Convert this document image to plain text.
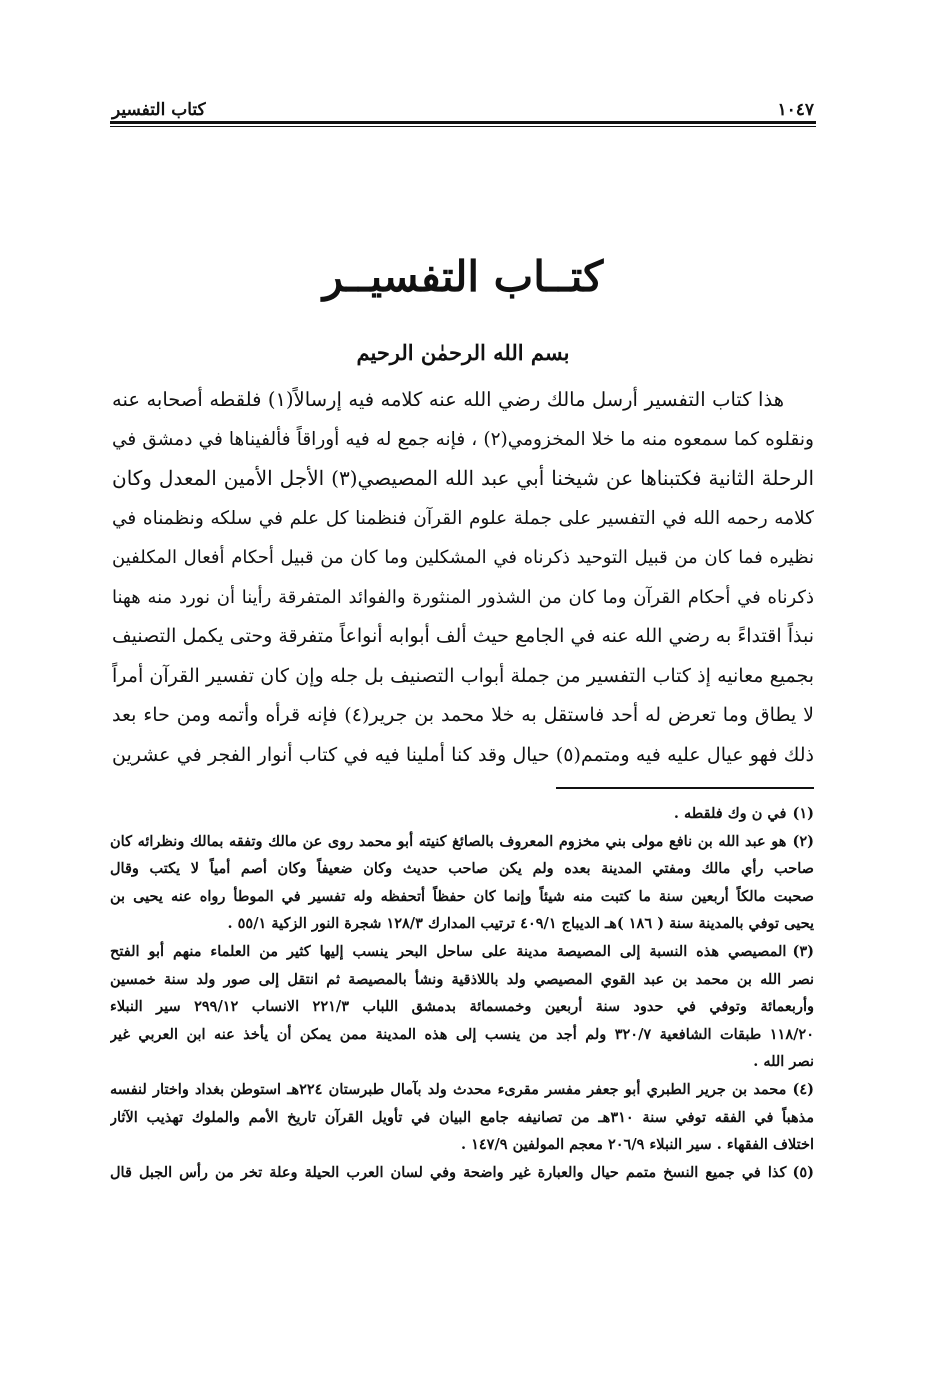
١٠٤٧
كتاب التفسير
كتــاب التفسيــر
بسم الله الرحمٰن الرحيم
هذا كتاب التفسير أرسل مالك رضي الله عنه كلامه فيه إرسالاً(١) فلقطه أصحابه عنه
ونقلوه كما سمعوه منه ما خلا المخزومي(٢) ، فإنه جمع له فيه أوراقاً فألفيناها في دمشق في
الرحلة الثانية فكتبناها عن شيخنا أبي عبد الله المصيصي(٣) الأجل الأمين المعدل وكان
كلامه رحمه الله في التفسير على جملة علوم القرآن فنظمنا كل علم في سلكه ونظمناه في
نظيره فما كان من قبيل التوحيد ذكرناه في المشكلين وما كان من قبيل أحكام أفعال المكلفين
ذكرناه في أحكام القرآن وما كان من الشذور المنثورة والفوائد المتفرقة رأينا أن نورد منه ههنا
نبذاً اقتداءً به رضي الله عنه في الجامع حيث ألف أبوابه أنواعاً متفرقة وحتى يكمل التصنيف
بجميع معانيه إذ كتاب التفسير من جملة أبواب التصنيف بل جله وإن كان تفسير القرآن أمراً
لا يطاق وما تعرض له أحد فاستقل به خلا محمد بن جرير(٤) فإنه قرأه وأتمه ومن حاء بعد
ذلك فهو عيال عليه فيه ومتمم(٥) حيال وقد كنا أملينا فيه في كتاب أنوار الفجر في عشرين
(١)في ن وك فلقطه .
(٢)هو عبد الله بن نافع مولى بني مخزوم المعروف بالصائغ كنيته أبو محمد روى عن مالك وتفقه بمالك ونظرائه كان
صاحب رأي مالك ومفتي المدينة بعده ولم يكن صاحب حديث وكان ضعيفاً وكان أصم أمياً لا يكتب وقال
صحبت مالكاً أربعين سنة ما كتبت منه شيئاً وإنما كان حفظاً أتحفظه وله تفسير في الموطأ رواه عنه يحيى بن
يحيى توفي بالمدينة سنة ( ١٨٦ )هـ الديباج ٤٠٩/١ ترتيب المدارك ١٢٨/٣ شجرة النور الزكية ٥٥/١ .
(٣)المصيصي هذه النسبة إلى المصيصة مدينة على ساحل البحر ينسب إليها كثير من العلماء منهم أبو الفتح
نصر الله بن محمد بن عبد القوي المصيصي ولد باللاذقية ونشأ بالمصيصة ثم انتقل إلى صور ولد سنة خمسين
وأربعمائة وتوفي في حدود سنة أربعين وخمسمائة بدمشق اللباب ٢٢١/٣ الانساب ٢٩٩/١٢ سير النبلاء
١١٨/٢٠ طبقات الشافعية ٣٢٠/٧ ولم أجد من ينسب إلى هذه المدينة ممن يمكن أن يأخذ عنه ابن العربي غير
نصر الله .
(٤)محمد بن جرير الطبري أبو جعفر مفسر مقرىء محدث ولد بآمال طبرستان ٢٢٤هـ استوطن بغداد واختار لنفسه
مذهباً في الفقه توفي سنة ٣١٠هـ من تصانيفه جامع البيان في تأويل القرآن تاريخ الأمم والملوك تهذيب الآثار
اختلاف الفقهاء . سير النبلاء ٢٠٦/٩ معجم المولفين ١٤٧/٩ .
(٥)كذا في جميع النسخ متمم حيال والعبارة غير واضحة وفي لسان العرب الحيلة وعلة تخر من رأس الجبل قال
